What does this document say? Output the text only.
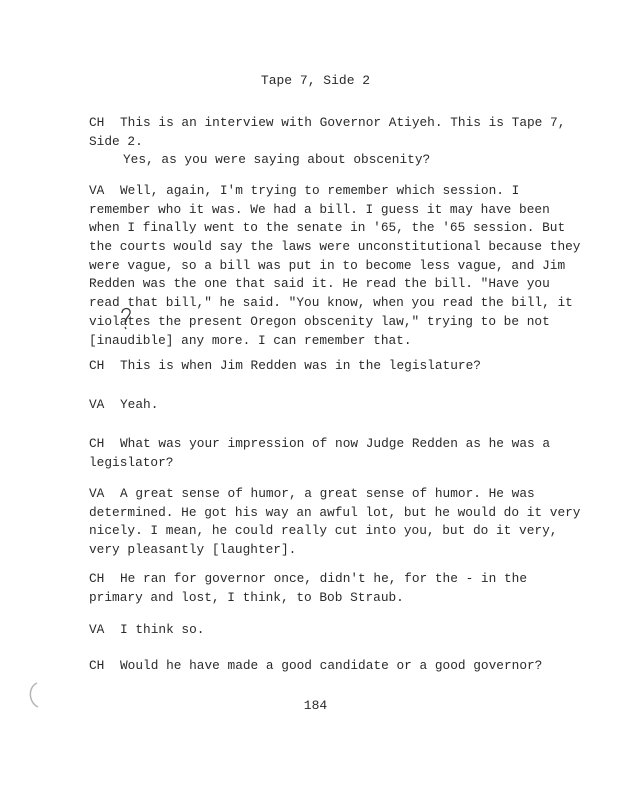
Tape 7, Side 2
CH This is an interview with Governor Atiyeh. This is Tape 7,
Side 2.
Yes, as you were saying about obscenity?
VA Well, again, I'm trying to remember which session. I
remember who it was. We had a bill. I guess it may have been
when I finally went to the senate in '65, the '65 session. But
the courts would say the laws were unconstitutional because they
were vague, so a bill was put in to become less vague, and Jim
Redden was the one that said it. He read the bill. "Have you
read that bill," he said. "You know, when you read the bill, it
violates the present Oregon obscenity law," trying to be not
[inaudible] any more. I can remember that.
CH This is when Jim Redden was in the legislature?
VA Yeah.
CH What was your impression of now Judge Redden as he was a
legislator?
VA A great sense of humor, a great sense of humor. He was
determined. He got his way an awful lot, but he would do it very
nicely. I mean, he could really cut into you, but do it very,
very pleasantly [laughter].
CH He ran for governor once, didn't he, for the - in the
primary and lost, I think, to Bob Straub.
VA I think so.
CH Would he have made a good candidate or a good governor?
184
